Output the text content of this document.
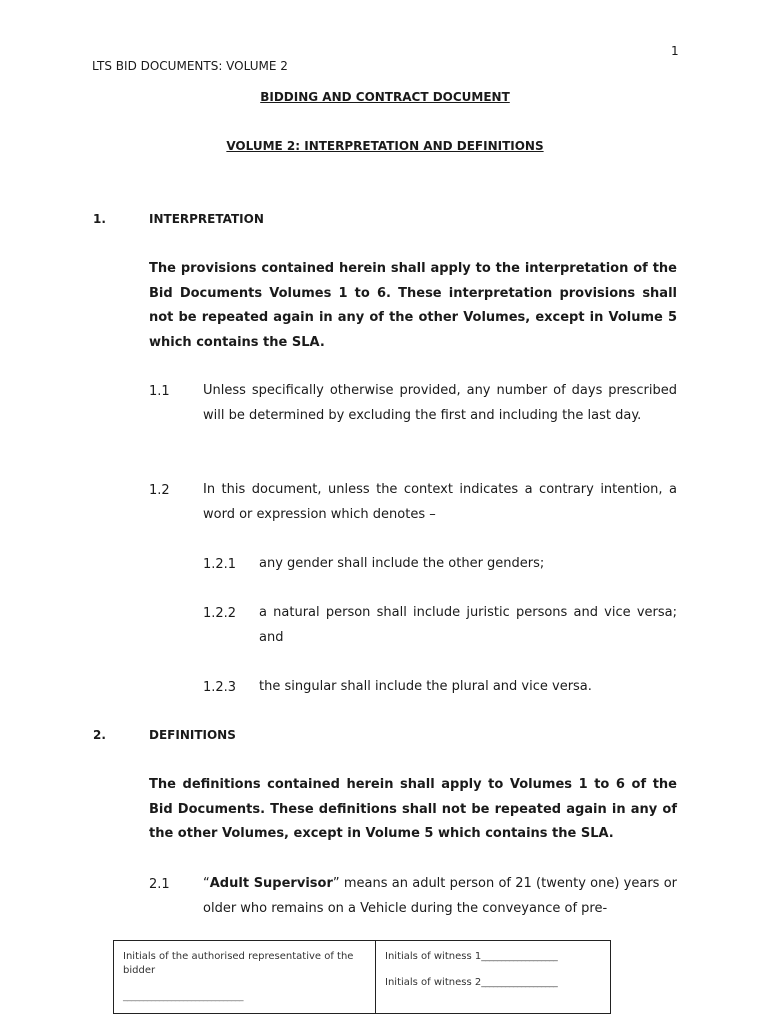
1
LTS BID DOCUMENTS: VOLUME 2
BIDDING AND CONTRACT DOCUMENT
VOLUME 2: INTERPRETATION AND DEFINITIONS
1.	INTERPRETATION
The provisions contained herein shall apply to the interpretation of the Bid Documents Volumes 1 to 6. These interpretation provisions shall not be repeated again in any of the other Volumes, except in Volume 5 which contains the SLA.
1.1	Unless specifically otherwise provided, any number of days prescribed will be determined by excluding the first and including the last day.
1.2	In this document, unless the context indicates a contrary intention, a word or expression which denotes –
1.2.1 any gender shall include the other genders;
1.2.2 a natural person shall include juristic persons and vice versa; and
1.2.3 the singular shall include the plural and vice versa.
2.	DEFINITIONS
The definitions contained herein shall apply to Volumes 1 to 6 of the Bid Documents. These definitions shall not be repeated again in any of the other Volumes, except in Volume 5 which contains the SLA.
2.1	“Adult Supervisor” means an adult person of 21 (twenty one) years or older who remains on a Vehicle during the conveyance of pre-
Initials of the authorised representative of the bidder
______________________________
Initials of witness 1___________________
Initials of witness 2___________________
